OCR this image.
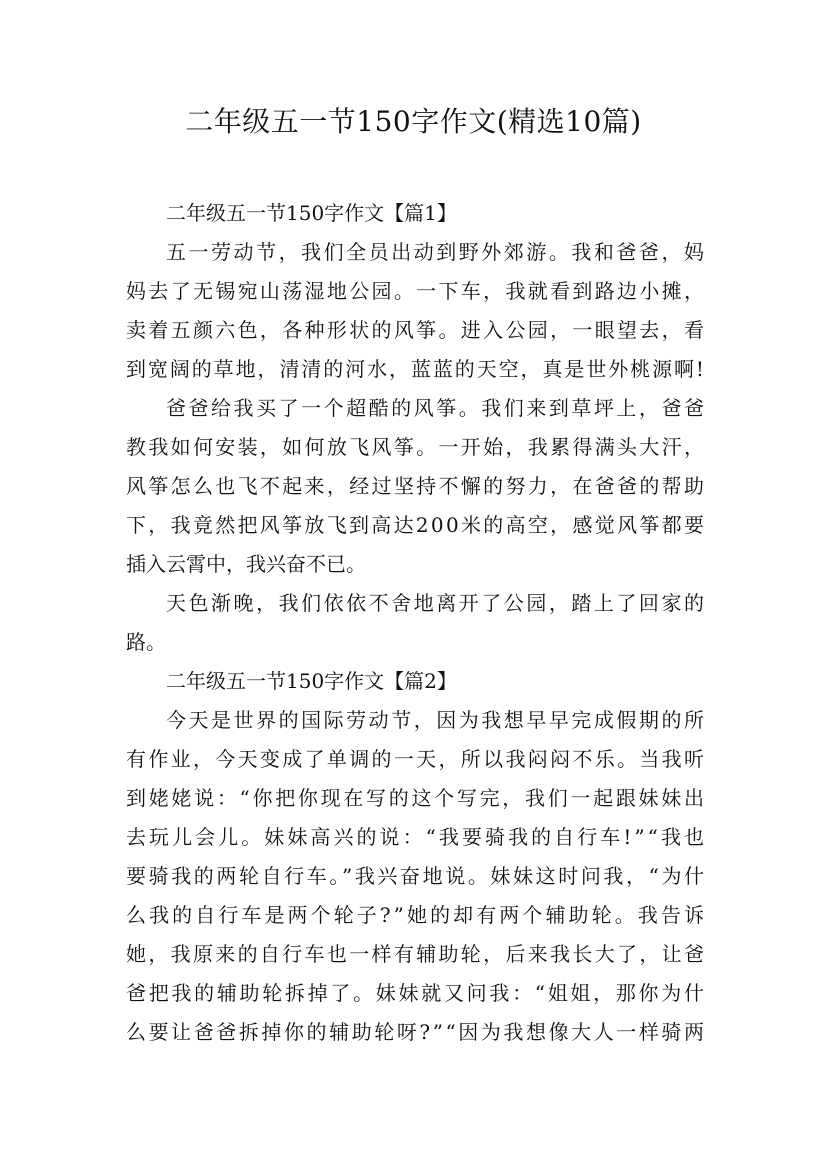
二年级五一节150字作文(精选10篇)
二年级五一节150字作文【篇1】
五一劳动节，我们全员出动到野外郊游。我和爸爸，妈
妈去了无锡宛山荡湿地公园。一下车，我就看到路边小摊，
卖着五颜六色，各种形状的风筝。进入公园，一眼望去，看
到宽阔的草地，清清的河水，蓝蓝的天空，真是世外桃源啊!
爸爸给我买了一个超酷的风筝。我们来到草坪上，爸爸
教我如何安装，如何放飞风筝。一开始，我累得满头大汗，
风筝怎么也飞不起来，经过坚持不懈的努力，在爸爸的帮助
下，我竟然把风筝放飞到高达200米的高空，感觉风筝都要
插入云霄中，我兴奋不已。
天色渐晚，我们依依不舍地离开了公园，踏上了回家的
路。
二年级五一节150字作文【篇2】
今天是世界的国际劳动节，因为我想早早完成假期的所
有作业，今天变成了单调的一天，所以我闷闷不乐。当我听
到姥姥说：“你把你现在写的这个写完，我们一起跟妹妹出
去玩儿会儿。妹妹高兴的说：“我要骑我的自行车!”“我也
要骑我的两轮自行车。”我兴奋地说。妹妹这时问我，“为什
么我的自行车是两个轮子?”她的却有两个辅助轮。我告诉
她，我原来的自行车也一样有辅助轮，后来我长大了，让爸
爸把我的辅助轮拆掉了。妹妹就又问我：“姐姐，那你为什
么要让爸爸拆掉你的辅助轮呀?”“因为我想像大人一样骑两
